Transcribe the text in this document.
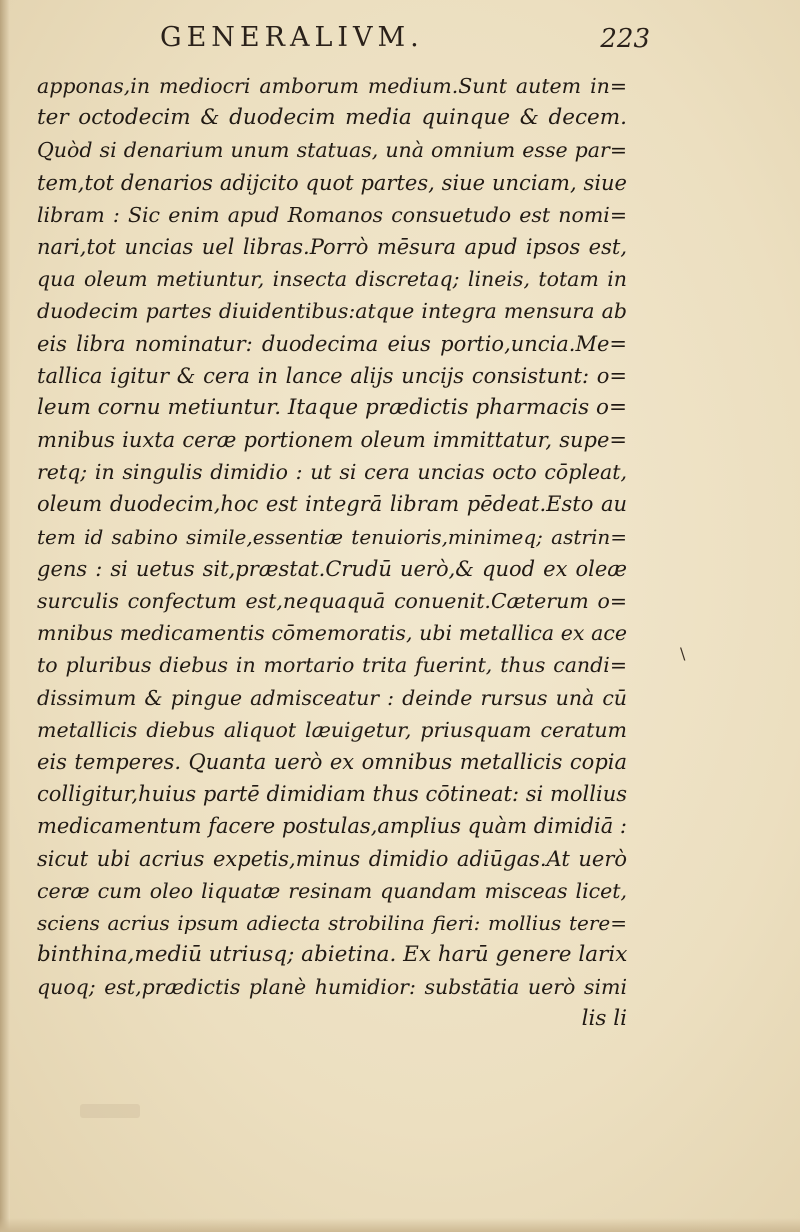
GENERALIVM.	223
apponas,in mediocri amborum medium.Sunt autem in=
ter octodecim & duodecim media quinque & decem.
Quòd si denarium unum statuas, unà omnium esse par=
tem,tot denarios adijcito quot partes, siue unciam, siue
libram : Sic enim apud Romanos consuetudo est nomi=
nari,tot uncias uel libras.Porrò mēsura apud ipsos est,
qua oleum metiuntur, insecta discretaq; lineis, totam in
duodecim partes diuidentibus:atque integra mensura ab
eis libra nominatur: duodecima eius portio,uncia.Me=
tallica igitur & cera in lance alijs uncijs consistunt: o=
leum cornu metiuntur. Itaque prædictis pharmacis o=
mnibus iuxta ceræ portionem oleum immittatur, supe=
retq; in singulis dimidio : ut si cera uncias octo cōpleat,
oleum duodecim,hoc est integrā libram pēdeat.Esto au
tem id sabino simile,essentiæ tenuioris,minimeq; astrin=
gens : si uetus sit,præstat.Crudū uerò,& quod ex oleæ
surculis confectum est,nequaquā conuenit.Cæterum o=
mnibus medicamentis cōmemoratis, ubi metallica ex ace
to pluribus diebus in mortario trita fuerint, thus candi=
dissimum & pingue admisceatur : deinde rursus unà cū
metallicis diebus aliquot læuigetur, priusquam ceratum
eis temperes. Quanta uerò ex omnibus metallicis copia
colligitur,huius partē dimidiam thus cōtineat: si mollius
medicamentum facere postulas,amplius quàm dimidiā :
sicut ubi acrius expetis,minus dimidio adiūgas.At uerò
ceræ cum oleo liquatæ resinam quandam misceas licet,
sciens acrius ipsum adiecta strobilina fieri: mollius tere=
binthina,mediū utriusq; abietina. Ex harū genere larix
quoq; est,prædictis planè humidior: substātia uerò simi
lis li
\
